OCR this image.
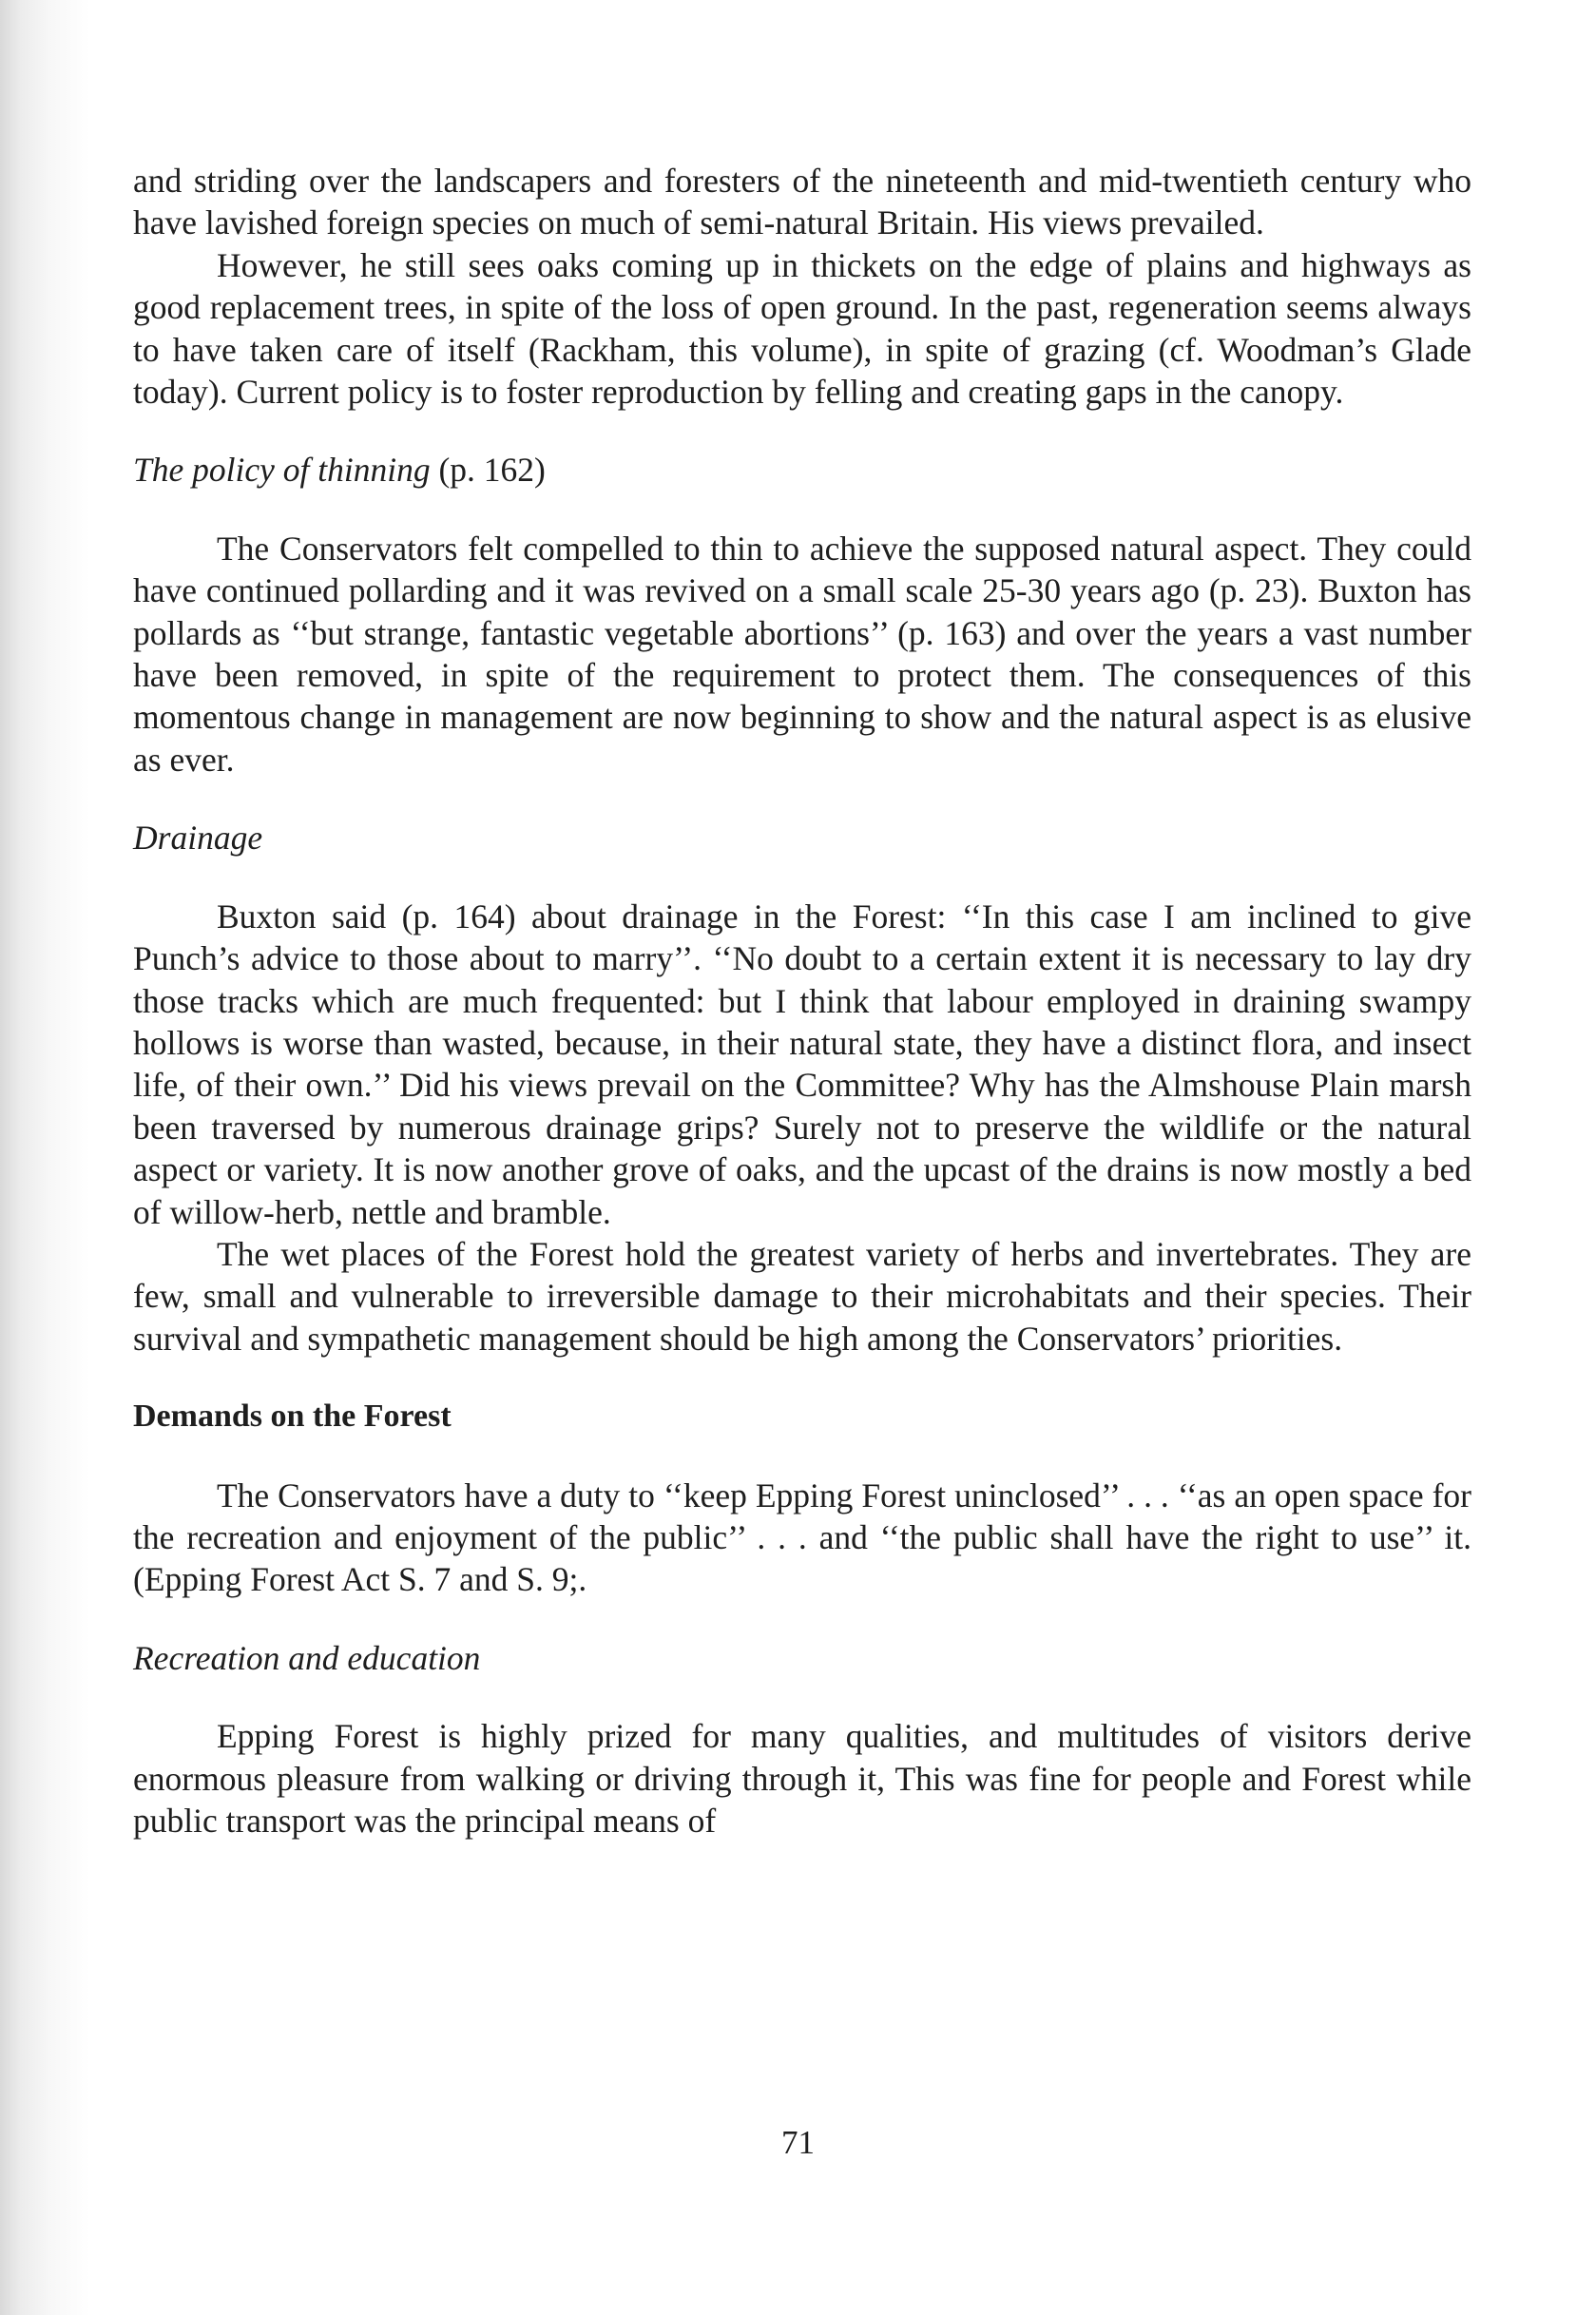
and striding over the landscapers and foresters of the nineteenth and mid-twentieth century who have lavished foreign species on much of semi-natural Britain. His views prevailed.

However, he still sees oaks coming up in thickets on the edge of plains and highways as good replacement trees, in spite of the loss of open ground. In the past, regeneration seems always to have taken care of itself (Rackham, this volume), in spite of grazing (cf. Woodman’s Glade today). Current policy is to foster reproduction by felling and creating gaps in the canopy.

The policy of thinning (p. 162)

The Conservators felt compelled to thin to achieve the supposed natural aspect. They could have continued pollarding and it was revived on a small scale 25-30 years ago (p. 23). Buxton has pollards as ‘‘but strange, fantastic vegetable abortions’’ (p. 163) and over the years a vast number have been removed, in spite of the requirement to protect them. The consequences of this momentous change in management are now beginning to show and the natural aspect is as elusive as ever.

Drainage

Buxton said (p. 164) about drainage in the Forest: ‘‘In this case I am inclined to give Punch’s advice to those about to marry’’. ‘‘No doubt to a certain extent it is necessary to lay dry those tracks which are much frequented: but I think that labour employed in draining swampy hollows is worse than wasted, because, in their natural state, they have a distinct flora, and insect life, of their own.’’ Did his views prevail on the Committee? Why has the Almshouse Plain marsh been traversed by numerous drainage grips? Surely not to preserve the wildlife or the natural aspect or variety. It is now another grove of oaks, and the upcast of the drains is now mostly a bed of willow-herb, nettle and bramble.

The wet places of the Forest hold the greatest variety of herbs and invertebrates. They are few, small and vulnerable to irreversible damage to their microhabitats and their species. Their survival and sympathetic management should be high among the Conservators’ priorities.

Demands on the Forest

The Conservators have a duty to ‘‘keep Epping Forest uninclosed’’ . . . ‘‘as an open space for the recreation and enjoyment of the public’’ . . . and ‘‘the public shall have the right to use’’ it. (Epping Forest Act S. 7 and S. 9;.

Recreation and education

Epping Forest is highly prized for many qualities, and multitudes of visitors derive enormous pleasure from walking or driving through it, This was fine for people and Forest while public transport was the principal means of

71
